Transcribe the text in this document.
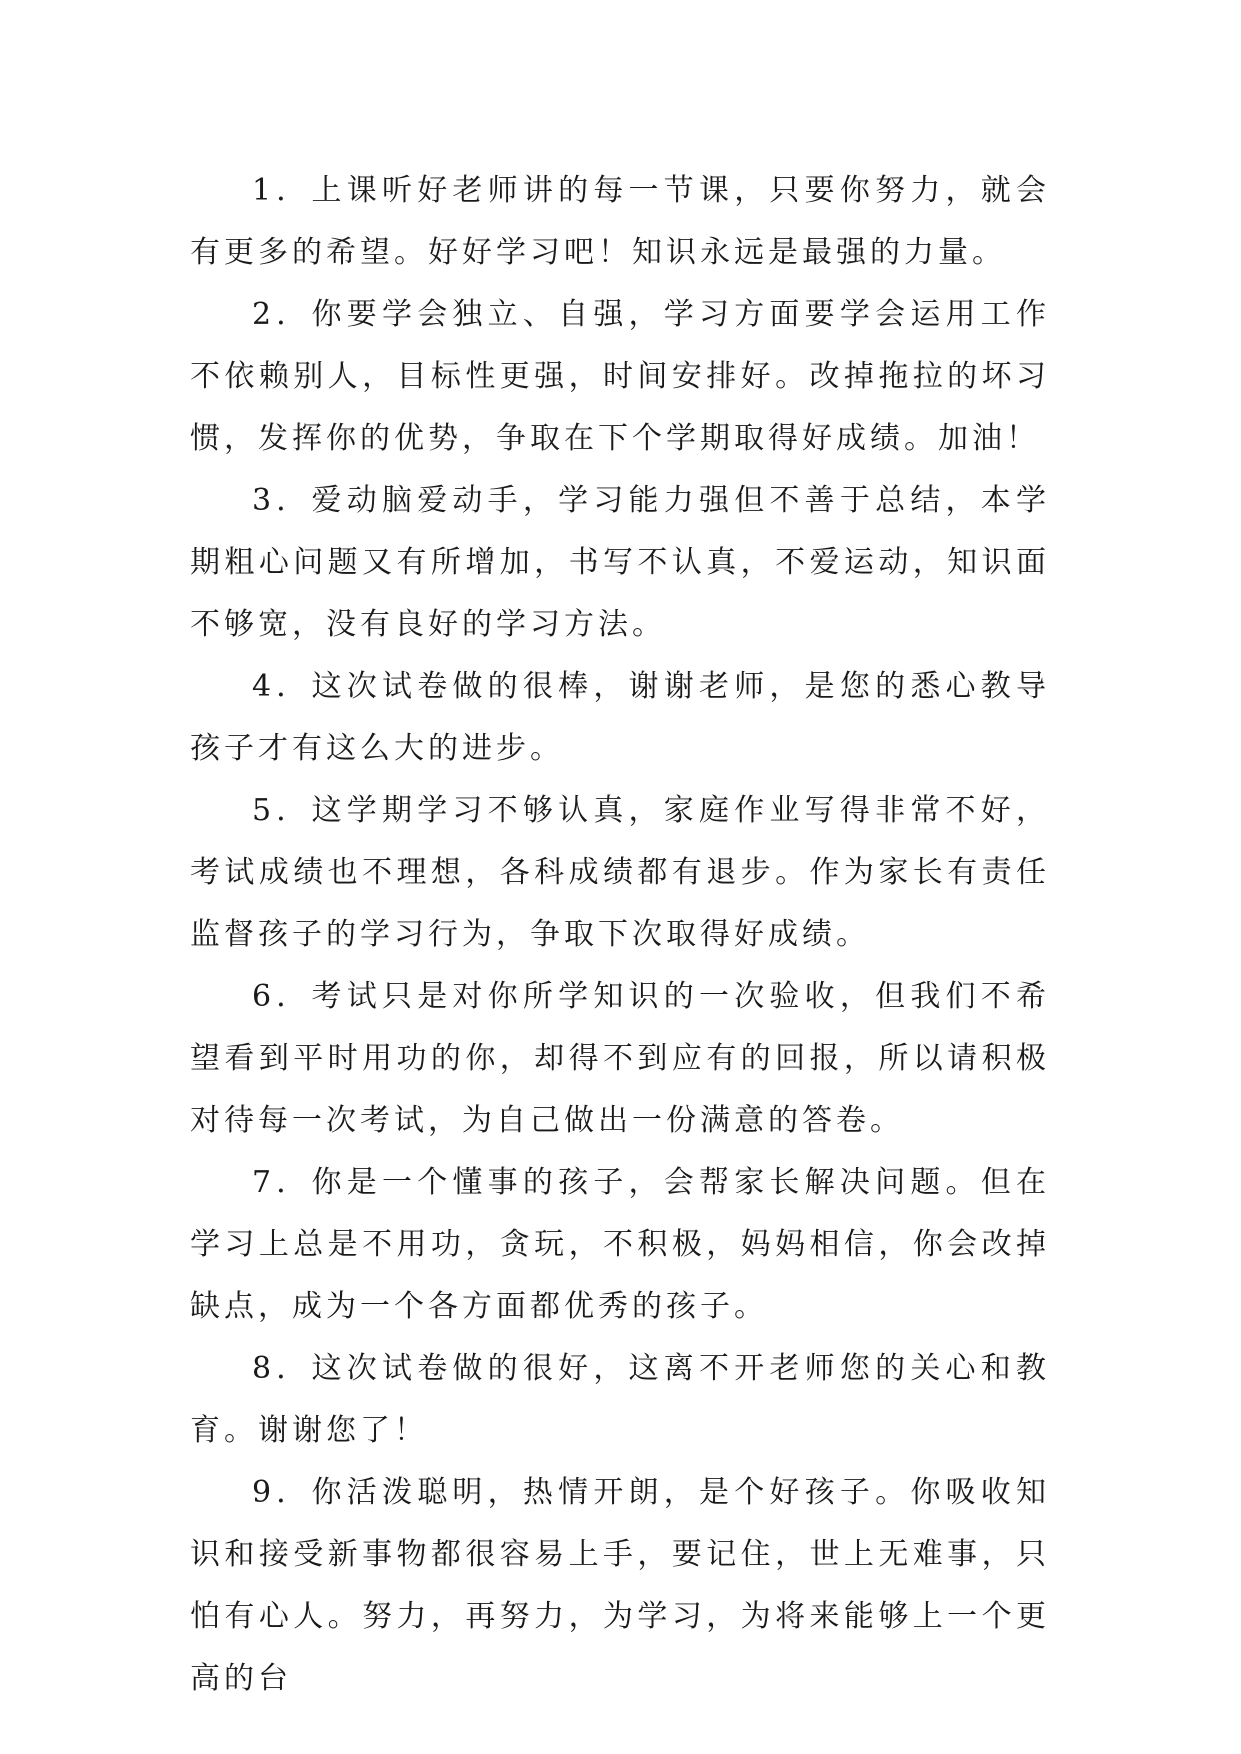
1．上课听好老师讲的每一节课，只要你努力，就会有更多的希望。好好学习吧！知识永远是最强的力量。

2．你要学会独立、自强，学习方面要学会运用工作不依赖别人，目标性更强，时间安排好。改掉拖拉的坏习惯，发挥你的优势，争取在下个学期取得好成绩。加油！

3．爱动脑爱动手，学习能力强但不善于总结，本学期粗心问题又有所增加，书写不认真，不爱运动，知识面不够宽，没有良好的学习方法。

4．这次试卷做的很棒，谢谢老师，是您的悉心教导孩子才有这么大的进步。

5．这学期学习不够认真，家庭作业写得非常不好，考试成绩也不理想，各科成绩都有退步。作为家长有责任监督孩子的学习行为，争取下次取得好成绩。

6．考试只是对你所学知识的一次验收，但我们不希望看到平时用功的你，却得不到应有的回报，所以请积极对待每一次考试，为自己做出一份满意的答卷。

7．你是一个懂事的孩子，会帮家长解决问题。但在学习上总是不用功，贪玩，不积极，妈妈相信，你会改掉缺点，成为一个各方面都优秀的孩子。

8．这次试卷做的很好，这离不开老师您的关心和教育。谢谢您了！

9．你活泼聪明，热情开朗，是个好孩子。你吸收知识和接受新事物都很容易上手，要记住，世上无难事，只怕有心人。努力，再努力，为学习，为将来能够上一个更高的台
